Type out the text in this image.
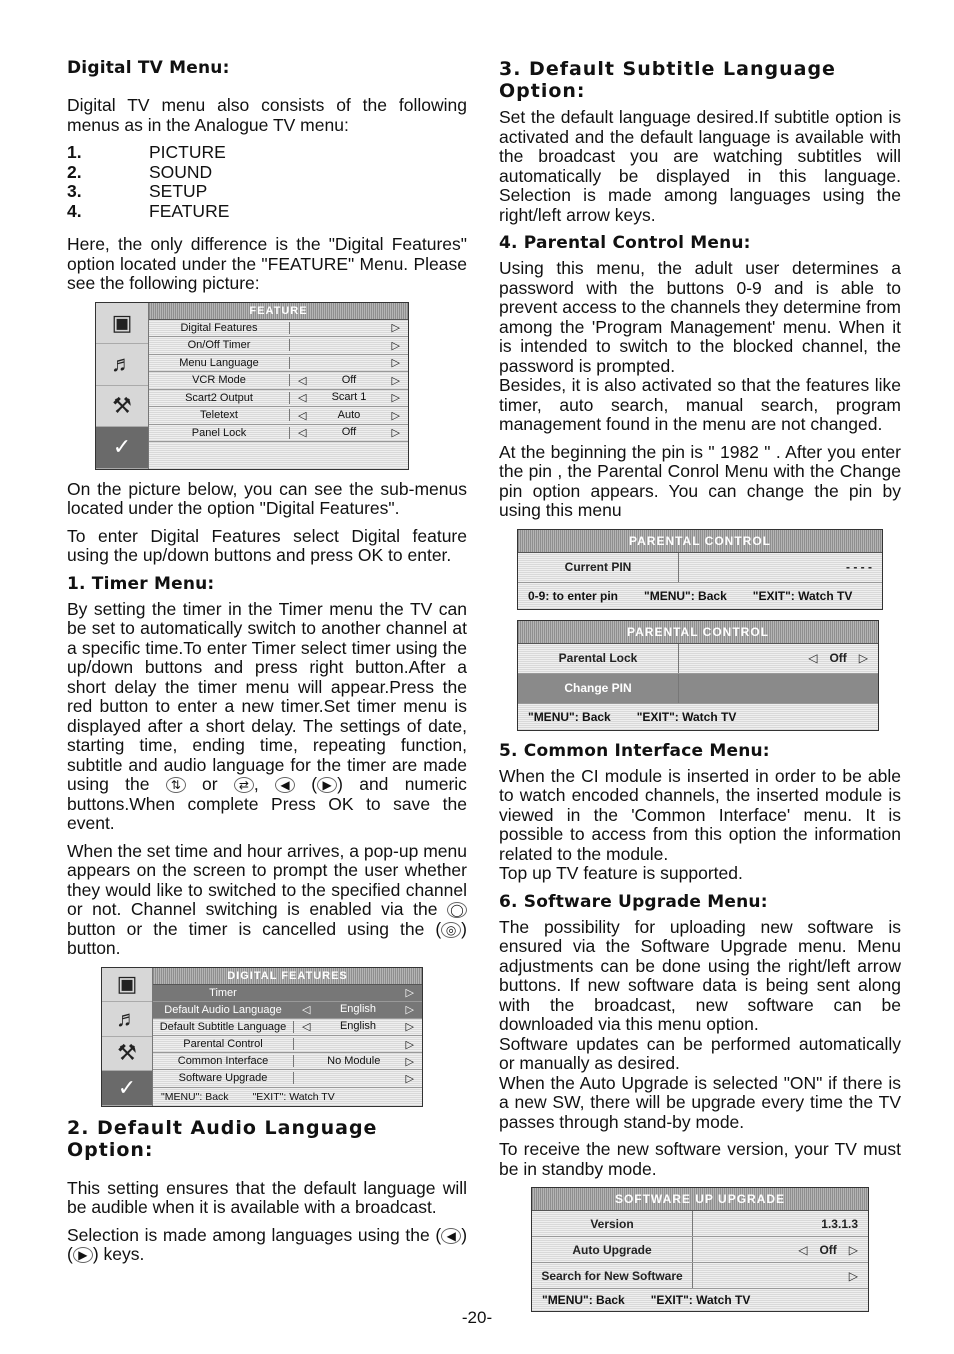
Digital TV Menu:

Digital TV menu also consists of the following menus as in the Analogue TV menu:

1.	PICTURE
2.	SOUND
3.	SETUP
4.	FEATURE

Here, the only difference is the "Digital Features" option located under the "FEATURE" Menu. Please see the following picture:

▣
♬
⚒
✓
FEATURE
Digital Features	▷
On/Off Timer	▷
Menu Language	▷
VCR Mode	◁	Off	▷
Scart2 Output	◁	Scart 1	▷
Teletext	◁	Auto	▷
Panel Lock	◁	Off	▷

On the picture below, you can see the sub-menus located under the option "Digital Features".

To enter Digital Features select Digital feature using the up/down buttons and press OK to enter.

1. Timer Menu:

By setting the timer in the Timer menu the TV can be set to automatically switch to another channel at a specific time.To enter Timer select timer using the up/down buttons and press right button.After a short delay the timer menu will appear.Press the red button to enter a new timer.Set timer menu is displayed after a short delay. The settings of date, starting time, ending time, repeating function, subtitle and audio language for the timer are made using the ⇅ or ⇄ , ◀ ( ▶ ) and numeric buttons.When complete Press OK to save the event.

When the set time and hour arrives, a pop-up menu appears on the screen to prompt the user whether they would like to switched to the specified channel or not. Channel switching is enabled via the ◯ button or the timer is cancelled using the ( ◎ ) button.

▣
♬
⚒
✓
DIGITAL FEATURES
Timer	▷
Default Audio Language	◁	English	▷
Default Subtitle Language	◁	English	▷
Parental Control	▷
Common Interface	No Module	▷
Software Upgrade	▷
"MENU": Back "EXIT": Watch TV
2. Default Audio Language Option:

This setting ensures that the default language will be audible when it is available with a broadcast.

Selection is made among languages using the ( ◀ ) ( ▶ ) keys.

3. Default Subtitle Language Option:

Set the default language desired.If subtitle option is activated and the default language is available with the broadcast you are watching subtitles will automatically be displayed in this language. Selection is made among languages using the right/left arrow keys.

4. Parental Control Menu:

Using this menu, the adult user determines a password with the buttons 0-9 and is able to prevent access to the channels they determine from among the 'Program Management' menu. When it is intended to switch to the blocked channel, the password is prompted.

Besides, it is also activated so that the features like timer, auto search, manual search, program management found in the menu are not changed.

At the beginning the pin is " 1982 " . After you enter the pin , the Parental Conrol Menu with the Change pin option appears. You can change the pin by using this menu

PARENTAL CONTROL
Current PIN	- - - -
0-9: to enter pin "MENU": Back "EXIT": Watch TV
PARENTAL CONTROL
Parental Lock	◁ Off ▷
Change PIN
"MENU": Back "EXIT": Watch TV
5. Common Interface Menu:

When the CI module is inserted in order to be able to watch encoded channels, the inserted module is viewed in the 'Common Interface' menu. It is possible to access from this option the information related to the module.

Top up TV feature is supported.

6. Software Upgrade Menu:

The possibility for uploading new software is ensured via the Software Upgrade menu. Menu adjustments can be done using the right/left arrow buttons. If new software data is being sent along with the broadcast, new software can be downloaded via this menu option.

Software updates can be performed automatically or manually as desired.

When the Auto Upgrade is selected "ON" if there is a new SW, there will be upgrade every time the TV passes through stand-by mode.

To receive the new software version, your TV must be in standby mode.

SOFTWARE UP UPGRADE
Version	1.3.1.3
Auto Upgrade	◁ Off ▷
Search for New Software	▷
"MENU": Back "EXIT": Watch TV
-20-
